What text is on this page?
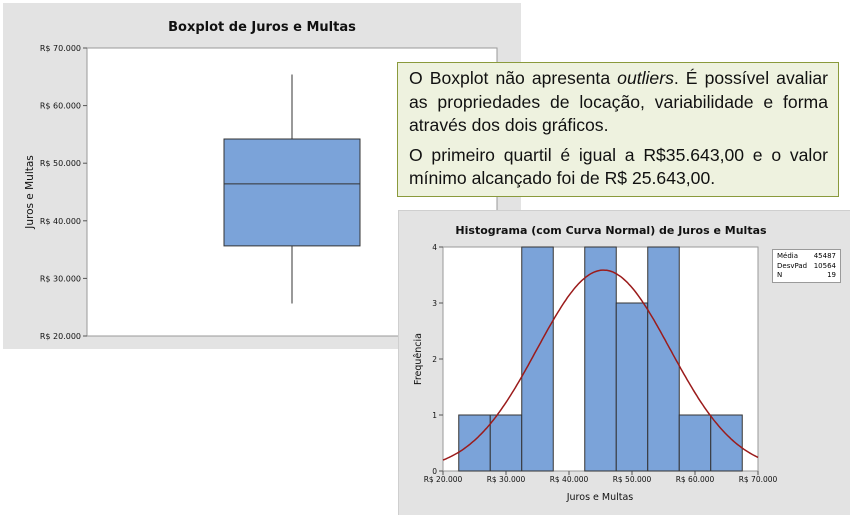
Boxplot de Juros e Multas
Juros e Multas
R$ 20.000
R$ 30.000
R$ 40.000
R$ 50.000
R$ 60.000
R$ 70.000
Histograma (com Curva Normal) de Juros e Multas
Juros e Multas
Frequência
0
1
2
3
4
R$ 20.000	R$ 30.000	R$ 40.000	R$ 50.000	R$ 60.000	R$ 70.000
Média 45487
DesvPad 10564
N	19

O Boxplot não apresenta outliers. É possível avaliar as propriedades de locação, variabilidade e forma através dos dois gráficos.

O primeiro quartil é igual a R$35.643,00 e o valor mínimo alcançado foi de R$ 25.643,00.
